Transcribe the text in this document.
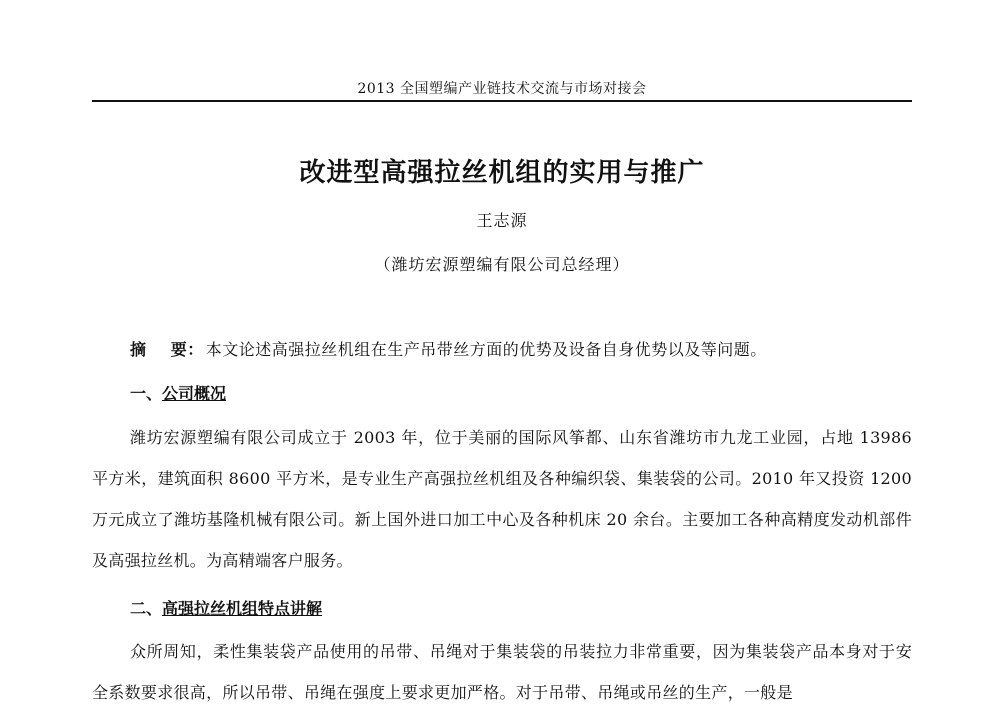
2013 全国塑编产业链技术交流与市场对接会
改进型高强拉丝机组的实用与推广
王志源
（潍坊宏源塑编有限公司总经理）
摘    要： 本文论述高强拉丝机组在生产吊带丝方面的优势及设备自身优势以及等问题。
一、公司概况
潍坊宏源塑编有限公司成立于 2003 年，位于美丽的国际风筝都、山东省潍坊市九龙工业园，占地 13986 平方米，建筑面积 8600 平方米，是专业生产高强拉丝机组及各种编织袋、集装袋的公司。2010 年又投资 1200 万元成立了潍坊基隆机械有限公司。新上国外进口加工中心及各种机床 20 余台。主要加工各种高精度发动机部件及高强拉丝机。为高精端客户服务。
二、高强拉丝机组特点讲解
众所周知，柔性集装袋产品使用的吊带、吊绳对于集装袋的吊装拉力非常重要，因为集装袋产品本身对于安全系数要求很高，所以吊带、吊绳在强度上要求更加严格。对于吊带、吊绳或吊丝的生产，一般是
